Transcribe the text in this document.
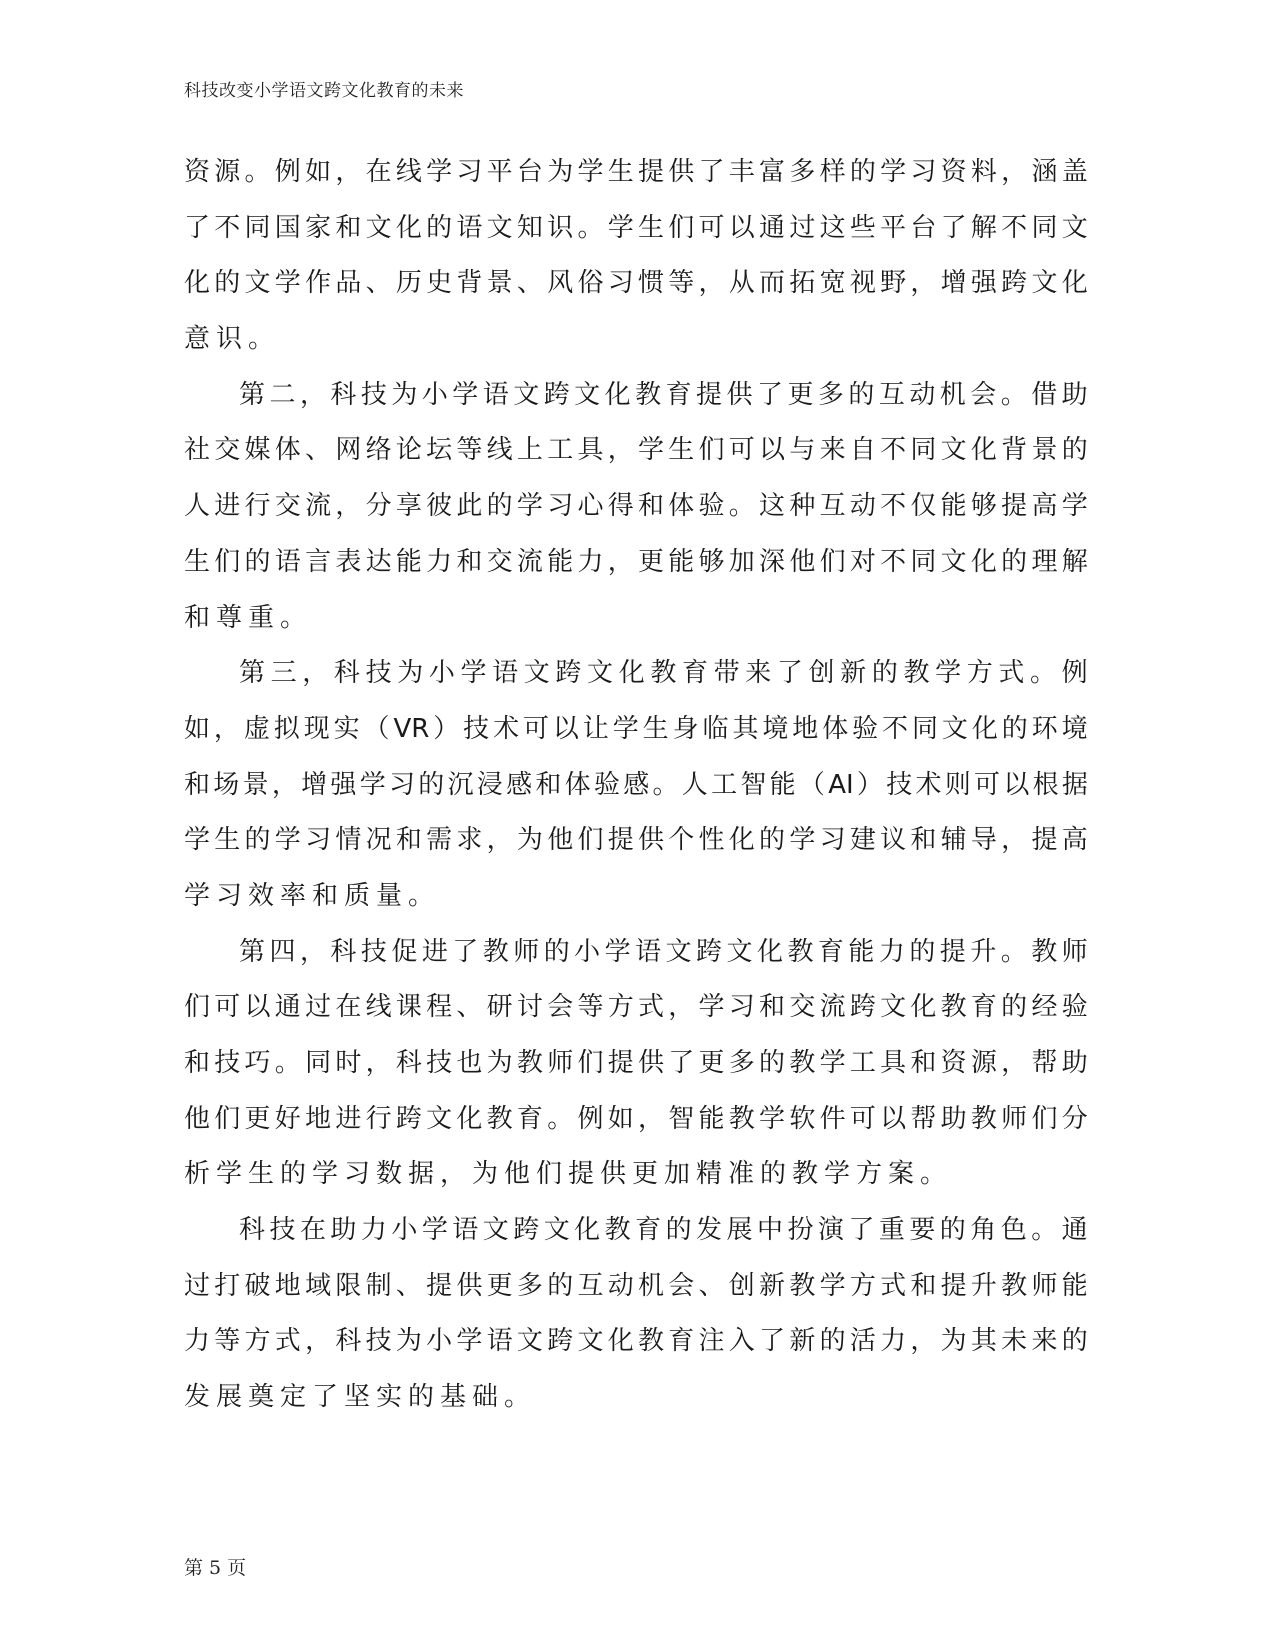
科技改变小学语文跨文化教育的未来
资 源 。 例 如 ， 在 线 学 习 平 台 为 学 生 提 供 了 丰 富 多 样 的 学 习 资 料 ， 涵 盖
了 不 同 国 家 和 文 化 的 语 文 知 识 。 学 生 们 可 以 通 过 这 些 平 台 了 解 不 同 文
化 的 文 学 作 品 、 历 史 背 景 、 风 俗 习 惯 等 ， 从 而 拓 宽 视 野 ， 增 强 跨 文 化
意识。
第 二 ， 科 技 为 小 学 语 文 跨 文 化 教 育 提 供 了 更 多 的 互 动 机 会 。 借 助
社 交 媒 体 、 网 络 论 坛 等 线 上 工 具 ， 学 生 们 可 以 与 来 自 不 同 文 化 背 景 的
人 进 行 交 流 ， 分 享 彼 此 的 学 习 心 得 和 体 验 。 这 种 互 动 不 仅 能 够 提 高 学
生 们 的 语 言 表 达 能 力 和 交 流 能 力 ， 更 能 够 加 深 他 们 对 不 同 文 化 的 理 解
和尊重。
第 三 ， 科 技 为 小 学 语 文 跨 文 化 教 育 带 来 了 创 新 的 教 学 方 式 。 例
如 ， 虚 拟 现 实 （ VR ） 技 术 可 以 让 学 生 身 临 其 境 地 体 验 不 同 文 化 的 环 境
和 场 景 ， 增 强 学 习 的 沉 浸 感 和 体 验 感 。 人 工 智 能 （ AI ） 技 术 则 可 以 根 据
学 生 的 学 习 情 况 和 需 求 ， 为 他 们 提 供 个 性 化 的 学 习 建 议 和 辅 导 ， 提 高
学习效率和质量。
第 四 ， 科 技 促 进 了 教 师 的 小 学 语 文 跨 文 化 教 育 能 力 的 提 升 。 教 师
们 可 以 通 过 在 线 课 程 、 研 讨 会 等 方 式 ， 学 习 和 交 流 跨 文 化 教 育 的 经 验
和 技 巧 。 同 时 ， 科 技 也 为 教 师 们 提 供 了 更 多 的 教 学 工 具 和 资 源 ， 帮 助
他 们 更 好 地 进 行 跨 文 化 教 育 。 例 如 ， 智 能 教 学 软 件 可 以 帮 助 教 师 们 分
析学生的学习数据，为他们提供更加精准的教学方案。
科 技 在 助 力 小 学 语 文 跨 文 化 教 育 的 发 展 中 扮 演 了 重 要 的 角 色 。 通
过 打 破 地 域 限 制 、 提 供 更 多 的 互 动 机 会 、 创 新 教 学 方 式 和 提 升 教 师 能
力 等 方 式 ， 科 技 为 小 学 语 文 跨 文 化 教 育 注 入 了 新 的 活 力 ， 为 其 未 来 的
发展奠定了坚实的基础。
第 5 页
